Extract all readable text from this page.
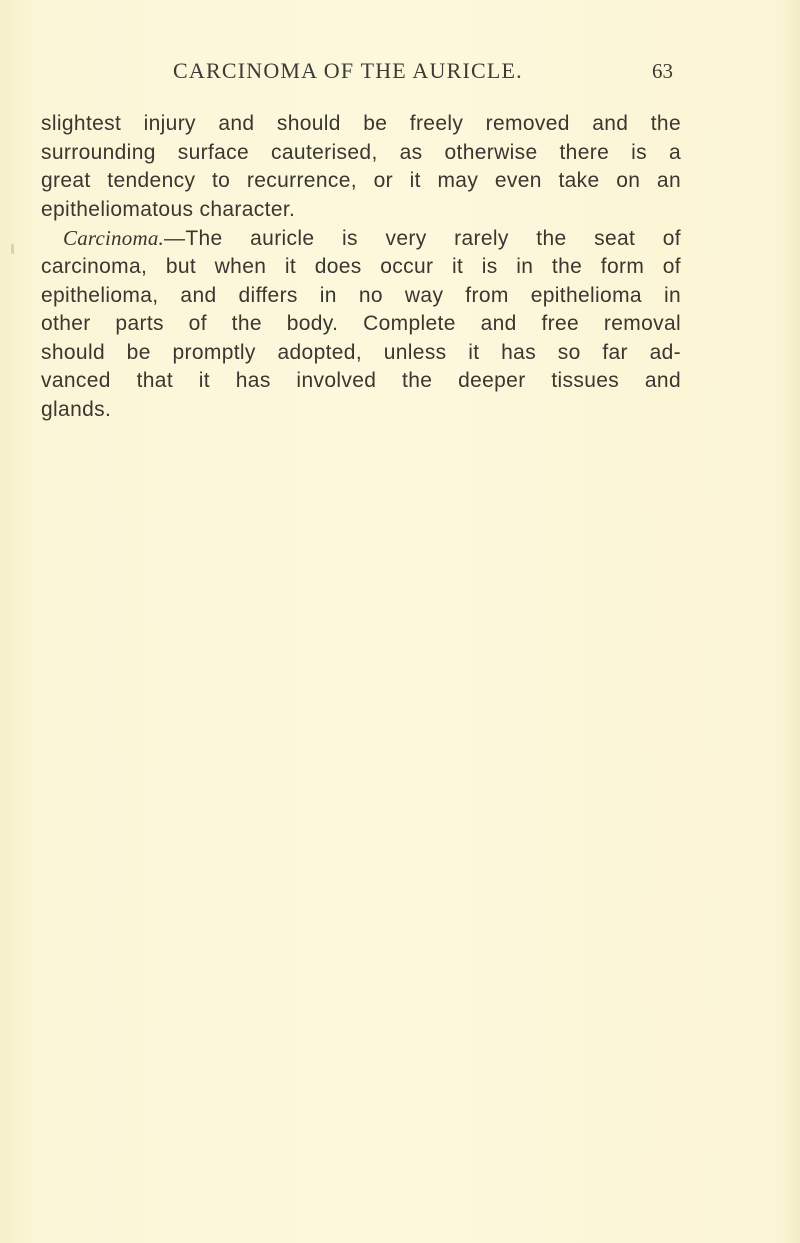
CARCINOMA OF THE AURICLE.	63
slightest injury and should be freely removed and the
surrounding surface cauterised, as otherwise there is a
great tendency to recurrence, or it may even take on an
epitheliomatous character.
Carcinoma.—The auricle is very rarely the seat of
carcinoma, but when it does occur it is in the form of
epithelioma, and differs in no way from epithelioma in
other parts of the body. Complete and free removal
should be promptly adopted, unless it has so far ad-
vanced that it has involved the deeper tissues and
glands.
